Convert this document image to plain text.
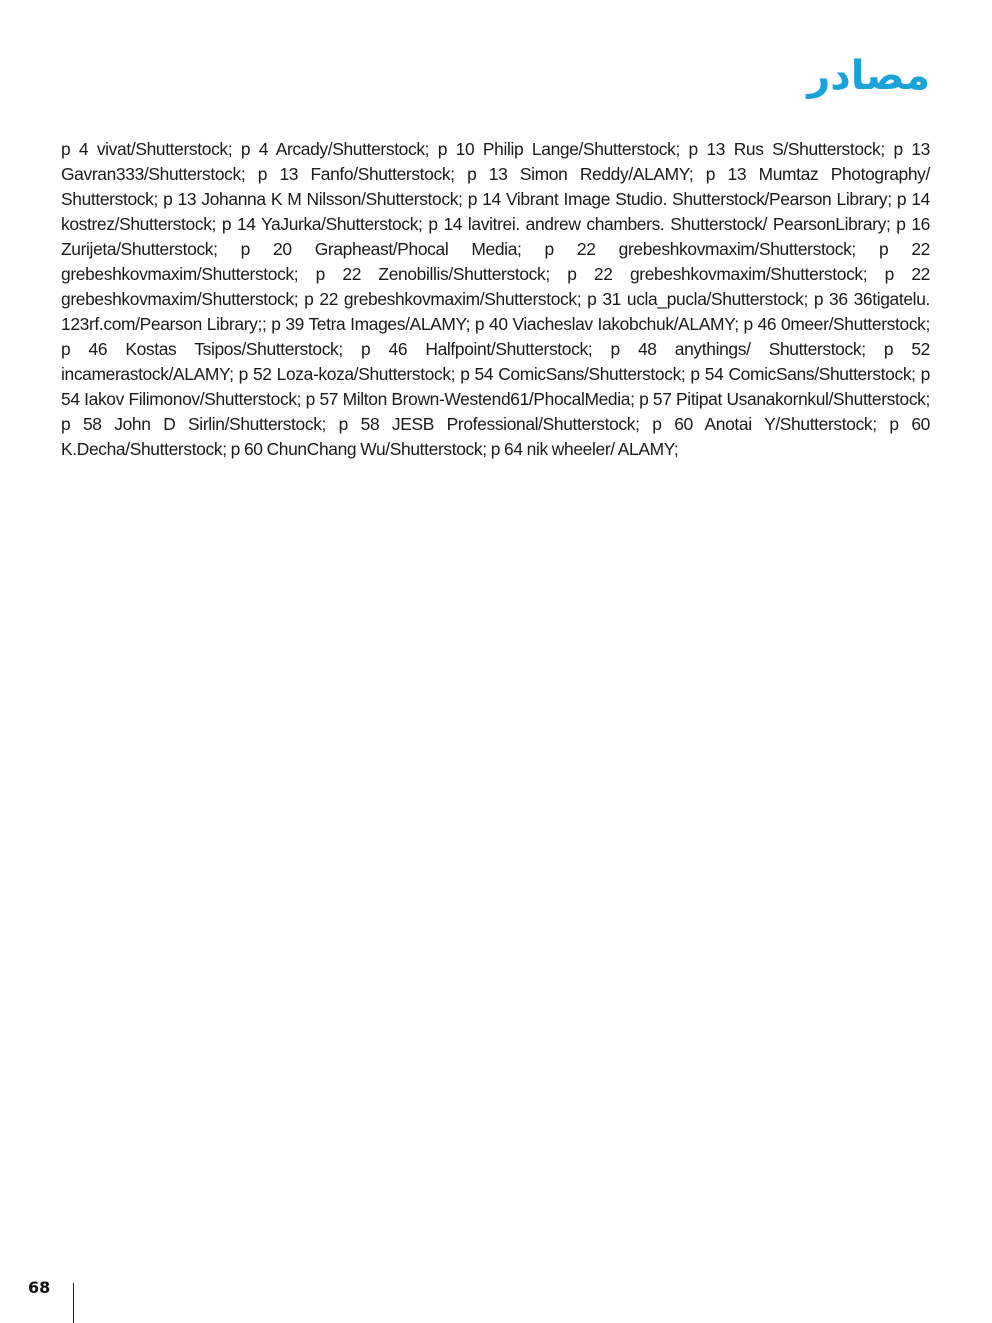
مصادر

p 4 vivat/Shutterstock; p 4 Arcady/Shutterstock; p 10 Philip Lange/Shutterstock; p 13 Rus S/Shutterstock; p 13 Gavran333/Shutterstock; p 13 Fanfo/Shutterstock; p 13 Simon Reddy/ALAMY; p 13 Mumtaz Photography/ Shutterstock; p 13 Johanna K M Nilsson/Shutterstock; p 14 Vibrant Image Studio. Shutterstock/Pearson Library; p 14 kostrez/Shutterstock; p 14 YaJurka/Shutterstock; p 14 lavitrei. andrew chambers. Shutterstock/ PearsonLibrary; p 16 Zurijeta/Shutterstock; p 20 Grapheast/Phocal Media; p 22 grebeshkovmaxim/Shutterstock; p 22 grebeshkovmaxim/Shutterstock; p 22 Zenobillis/Shutterstock; p 22 grebeshkovmaxim/Shutterstock; p 22 grebeshkovmaxim/Shutterstock; p 22 grebeshkovmaxim/Shutterstock; p 31 ucla_pucla/Shutterstock; p 36 36tigatelu. 123rf.com/Pearson Library;; p 39 Tetra Images/ALAMY; p 40 Viacheslav Iakobchuk/ALAMY; p 46 0meer/Shutterstock; p 46 Kostas Tsipos/Shutterstock; p 46 Halfpoint/Shutterstock; p 48 anythings/ Shutterstock; p 52 incamerastock/ALAMY; p 52 Loza-koza/Shutterstock; p 54 ComicSans/Shutterstock; p 54 ComicSans/Shutterstock; p 54 Iakov Filimonov/Shutterstock; p 57 Milton Brown-Westend61/PhocalMedia; p 57 Pitipat Usanakornkul/Shutterstock; p 58 John D Sirlin/Shutterstock; p 58 JESB Professional/Shutterstock; p 60 Anotai Y/Shutterstock; p 60 K.Decha/Shutterstock; p 60 ChunChang Wu/Shutterstock; p 64 nik wheeler/ ALAMY;

68
